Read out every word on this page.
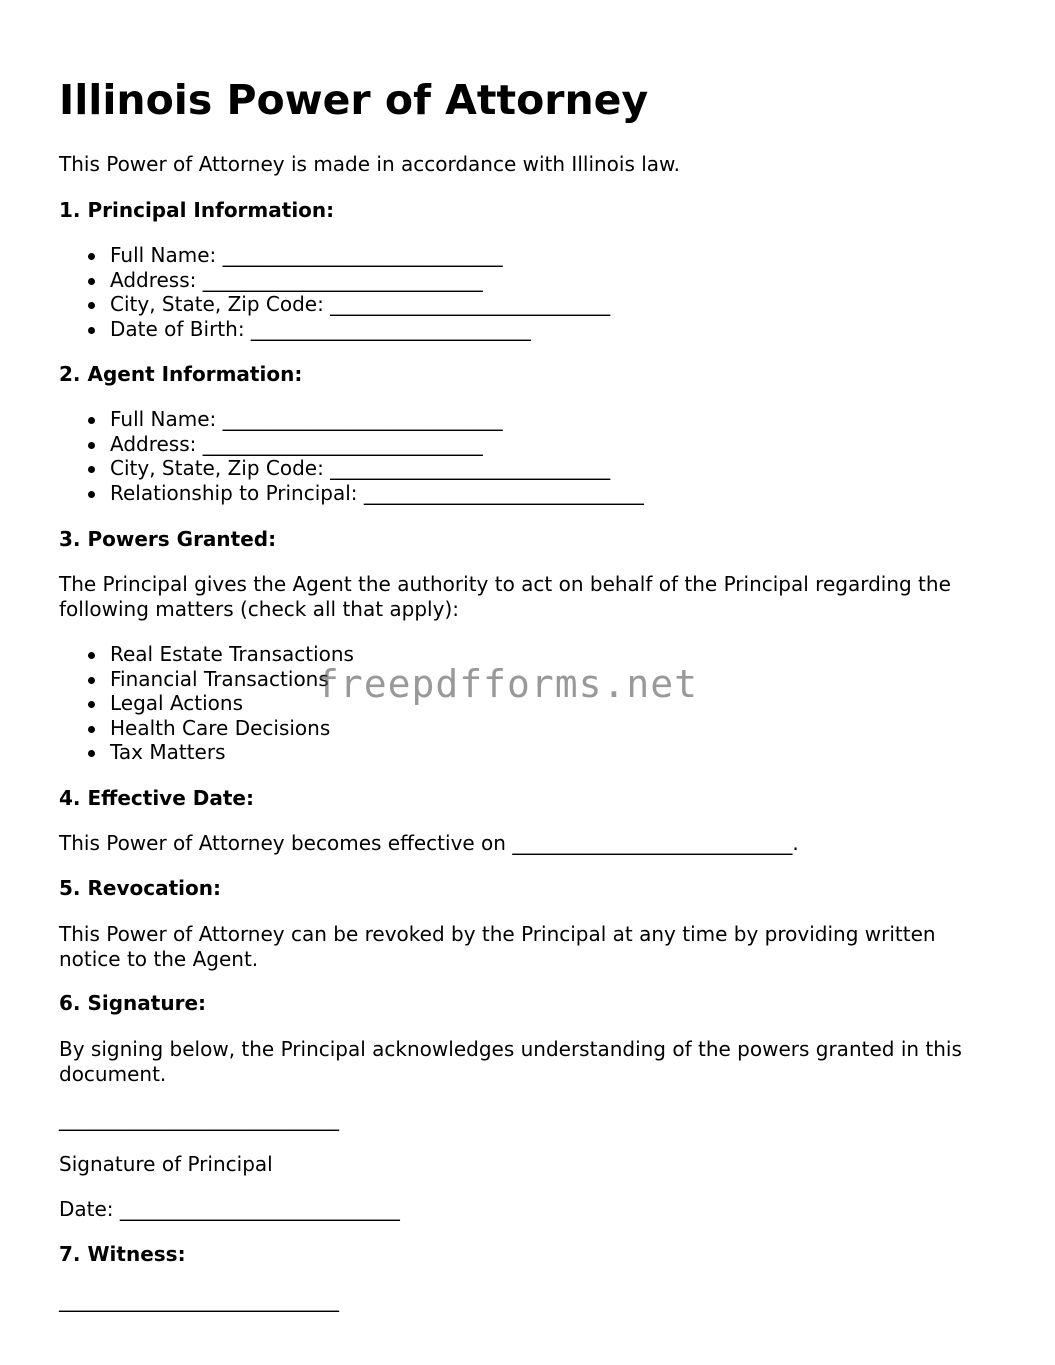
Illinois Power of Attorney

This Power of Attorney is made in accordance with Illinois law.

1. Principal Information:

Full Name: ____________________________
Address: ____________________________
City, State, Zip Code: ____________________________
Date of Birth: ____________________________

2. Agent Information:

Full Name: ____________________________
Address: ____________________________
City, State, Zip Code: ____________________________
Relationship to Principal: ____________________________

3. Powers Granted:

The Principal gives the Agent the authority to act on behalf of the Principal regarding the following matters (check all that apply):

Real Estate Transactions
Financial Transactions
Legal Actions
Health Care Decisions
Tax Matters

4. Effective Date:

This Power of Attorney becomes effective on ____________________________.

5. Revocation:

This Power of Attorney can be revoked by the Principal at any time by providing written notice to the Agent.

6. Signature:

By signing below, the Principal acknowledges understanding of the powers granted in this document.

____________________________

Signature of Principal

Date: ____________________________

7. Witness:

____________________________

freepdfforms.net
